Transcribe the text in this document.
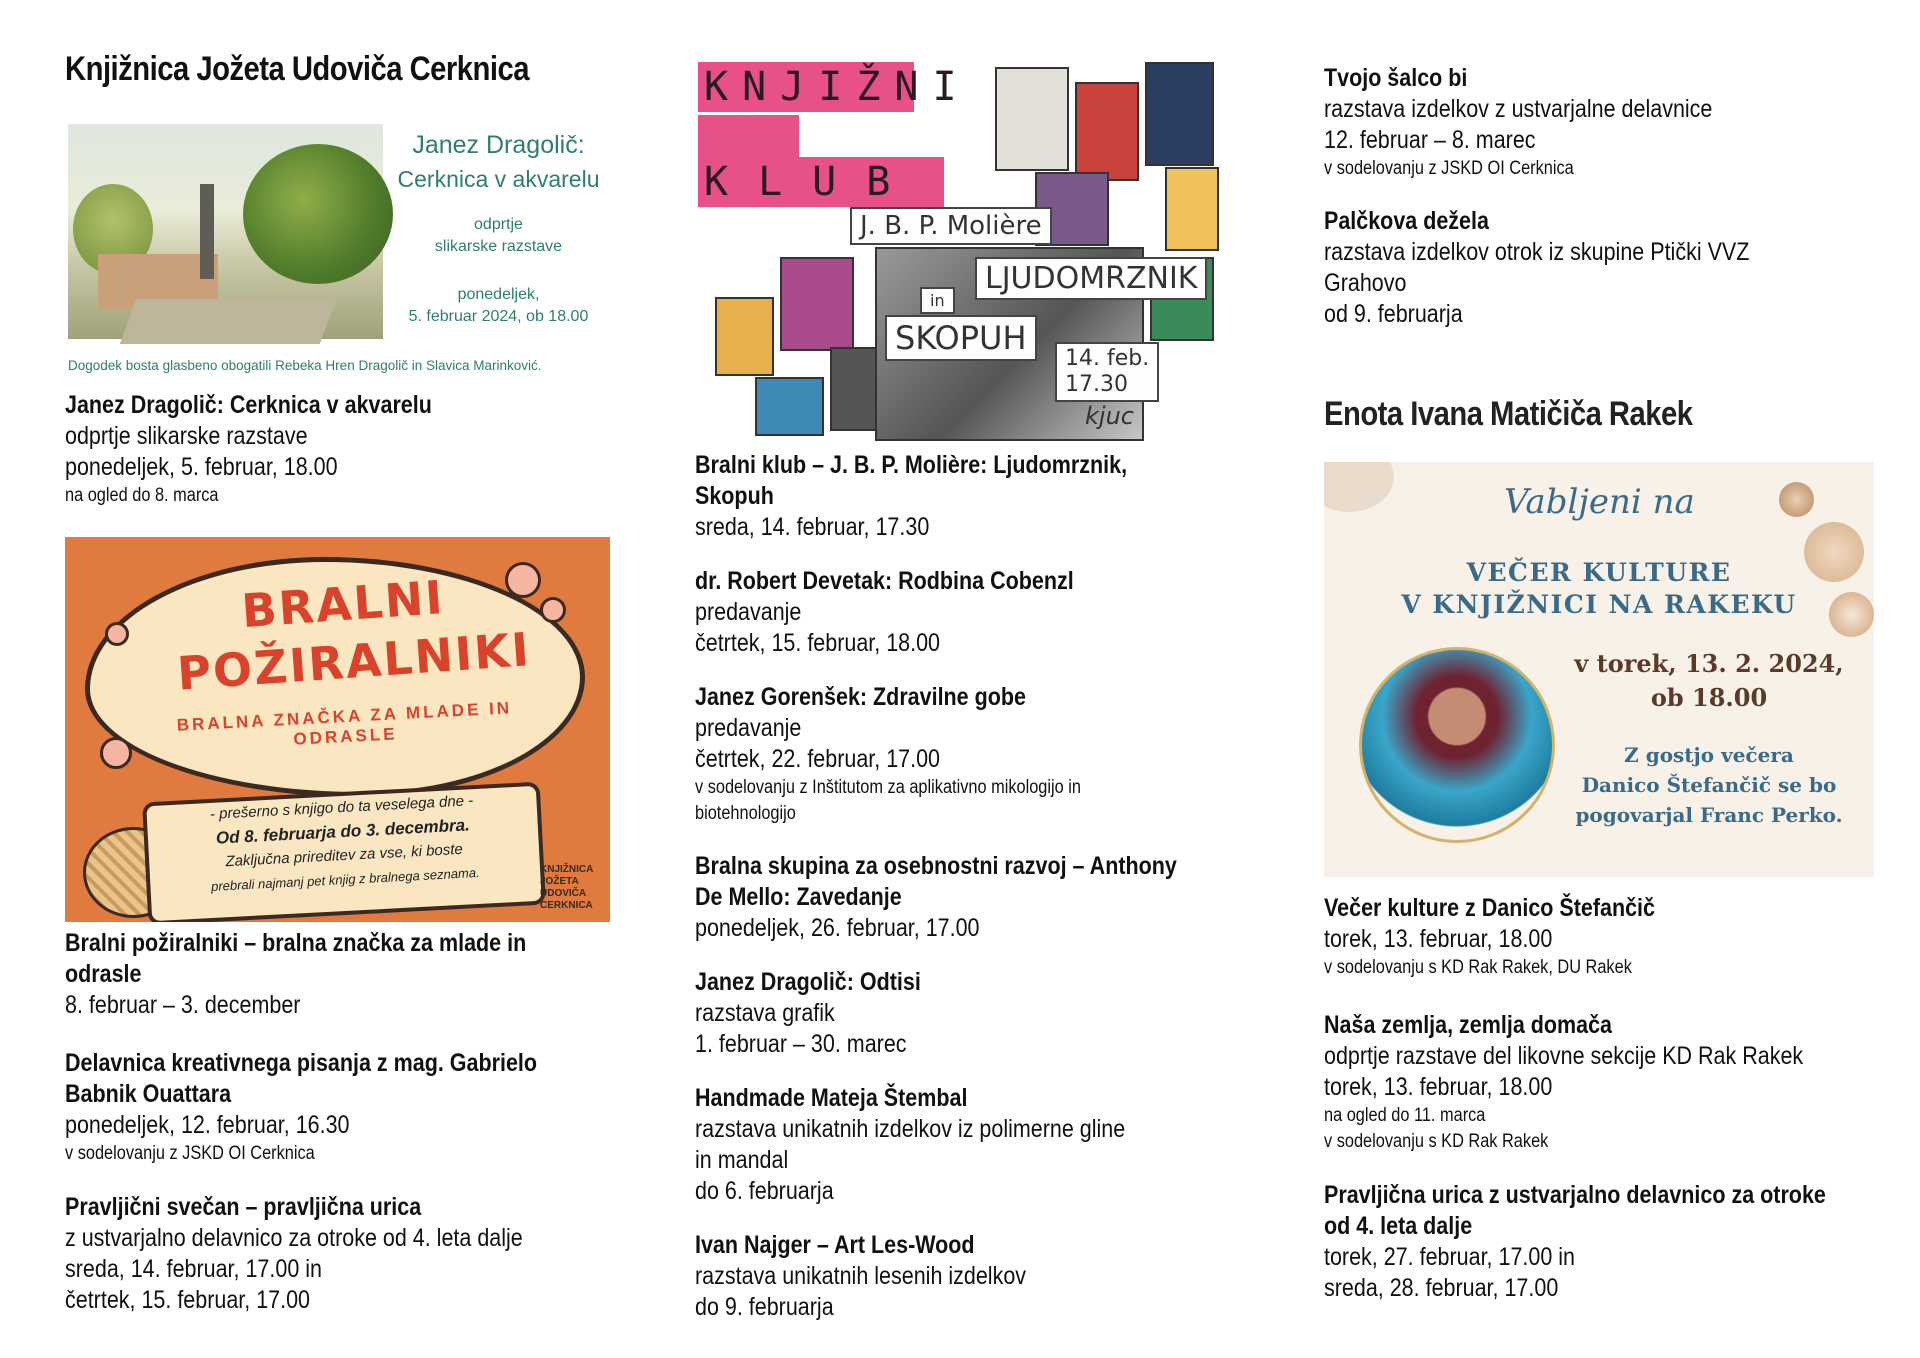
Knjižnica Jožeta Udoviča Cerknica
Janez Dragolič:
Cerknica v akvarelu
odprtje
slikarske razstave
ponedeljek,
5. februar 2024, ob 18.00
Dogodek bosta glasbeno obogatili Rebeka Hren Dragolič in Slavica Marinković.
Janez Dragolič: Cerknica v akvarelu
odprtje slikarske razstave
ponedeljek, 5. februar, 18.00
na ogled do 8. marca
BRALNI
POŽIRALNIKI
BRALNA ZNAČKA ZA MLADE IN ODRASLE
- prešerno s knjigo do ta veselega dne -
Od 8. februarja do 3. decembra.
Zaključna prireditev za vse, ki boste
prebrali najmanj pet knjig z bralnega seznama.	KNJIŽNICA
JOŽETA
UDOVIČA
CERKNICA
Bralni požiralniki – bralna značka za mlade in
odrasle
8. februar – 3. december
Delavnica kreativnega pisanja z mag. Gabrielo
Babnik Ouattara
ponedeljek, 12. februar, 16.30
v sodelovanju z JSKD OI Cerknica
Pravljični svečan – pravljična urica
z ustvarjalno delavnico za otroke od 4. leta dalje
sreda, 14. februar, 17.00 in
četrtek, 15. februar, 17.00
KNJIŽNI
KLUB
J. B. P. Molière
LJUDOMRZNIK
in
SKOPUH
14. feb.
17.30
kjuc
Bralni klub – J. B. P. Molière: Ljudomrznik,
Skopuh
sreda, 14. februar, 17.30
dr. Robert Devetak: Rodbina Cobenzl
predavanje
četrtek, 15. februar, 18.00
Janez Gorenšek: Zdravilne gobe
predavanje
četrtek, 22. februar, 17.00
v sodelovanju z Inštitutom za aplikativno mikologijo in
biotehnologijo
Bralna skupina za osebnostni razvoj – Anthony
De Mello: Zavedanje
ponedeljek, 26. februar, 17.00
Janez Dragolič: Odtisi
razstava grafik
1. februar – 30. marec
Handmade Mateja Štembal
razstava unikatnih izdelkov iz polimerne gline
in mandal
do 6. februarja
Ivan Najger – Art Les-Wood
razstava unikatnih lesenih izdelkov
do 9. februarja
Tvojo šalco bi
razstava izdelkov z ustvarjalne delavnice
12. februar – 8. marec
v sodelovanju z JSKD OI Cerknica
Palčkova dežela
razstava izdelkov otrok iz skupine Ptički VVZ
Grahovo
od 9. februarja
Enota Ivana Matičiča Rakek
Vabljeni na
VEČER KULTURE
V KNJIŽNICI NA RAKEKU
v torek, 13. 2. 2024,
ob 18.00
Z gostjo večera
Danico Štefančič se bo
pogovarjal Franc Perko.
Večer kulture z Danico Štefančič
torek, 13. februar, 18.00
v sodelovanju s KD Rak Rakek, DU Rakek
Naša zemlja, zemlja domača
odprtje razstave del likovne sekcije KD Rak Rakek
torek, 13. februar, 18.00
na ogled do 11. marca
v sodelovanju s KD Rak Rakek
Pravljična urica z ustvarjalno delavnico za otroke
od 4. leta dalje
torek, 27. februar, 17.00 in
sreda, 28. februar, 17.00
